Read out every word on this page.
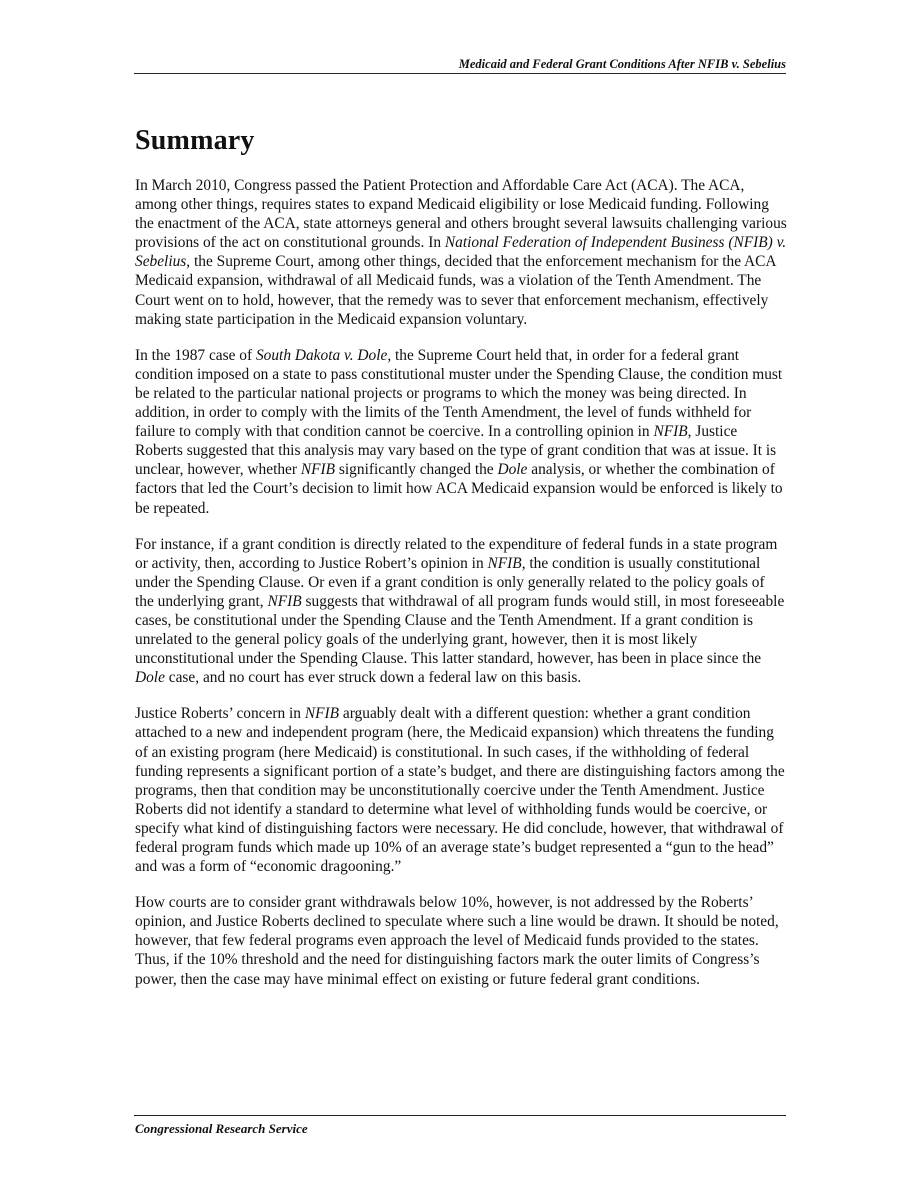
Medicaid and Federal Grant Conditions After NFIB v. Sebelius
Summary

In March 2010, Congress passed the Patient Protection and Affordable Care Act (ACA). The ACA, among other things, requires states to expand Medicaid eligibility or lose Medicaid funding. Following the enactment of the ACA, state attorneys general and others brought several lawsuits challenging various provisions of the act on constitutional grounds. In National Federation of Independent Business (NFIB) v. Sebelius, the Supreme Court, among other things, decided that the enforcement mechanism for the ACA Medicaid expansion, withdrawal of all Medicaid funds, was a violation of the Tenth Amendment. The Court went on to hold, however, that the remedy was to sever that enforcement mechanism, effectively making state participation in the Medicaid expansion voluntary.

In the 1987 case of South Dakota v. Dole, the Supreme Court held that, in order for a federal grant condition imposed on a state to pass constitutional muster under the Spending Clause, the condition must be related to the particular national projects or programs to which the money was being directed. In addition, in order to comply with the limits of the Tenth Amendment, the level of funds withheld for failure to comply with that condition cannot be coercive. In a controlling opinion in NFIB, Justice Roberts suggested that this analysis may vary based on the type of grant condition that was at issue. It is unclear, however, whether NFIB significantly changed the Dole analysis, or whether the combination of factors that led the Court’s decision to limit how ACA Medicaid expansion would be enforced is likely to be repeated.

For instance, if a grant condition is directly related to the expenditure of federal funds in a state program or activity, then, according to Justice Robert’s opinion in NFIB, the condition is usually constitutional under the Spending Clause. Or even if a grant condition is only generally related to the policy goals of the underlying grant, NFIB suggests that withdrawal of all program funds would still, in most foreseeable cases, be constitutional under the Spending Clause and the Tenth Amendment. If a grant condition is unrelated to the general policy goals of the underlying grant, however, then it is most likely unconstitutional under the Spending Clause. This latter standard, however, has been in place since the Dole case, and no court has ever struck down a federal law on this basis.

Justice Roberts’ concern in NFIB arguably dealt with a different question: whether a grant condition attached to a new and independent program (here, the Medicaid expansion) which threatens the funding of an existing program (here Medicaid) is constitutional. In such cases, if the withholding of federal funding represents a significant portion of a state’s budget, and there are distinguishing factors among the programs, then that condition may be unconstitutionally coercive under the Tenth Amendment. Justice Roberts did not identify a standard to determine what level of withholding funds would be coercive, or specify what kind of distinguishing factors were necessary. He did conclude, however, that withdrawal of federal program funds which made up 10% of an average state’s budget represented a “gun to the head” and was a form of “economic dragooning.”

How courts are to consider grant withdrawals below 10%, however, is not addressed by the Roberts’ opinion, and Justice Roberts declined to speculate where such a line would be drawn. It should be noted, however, that few federal programs even approach the level of Medicaid funds provided to the states. Thus, if the 10% threshold and the need for distinguishing factors mark the outer limits of Congress’s power, then the case may have minimal effect on existing or future federal grant conditions.

Congressional Research Service
